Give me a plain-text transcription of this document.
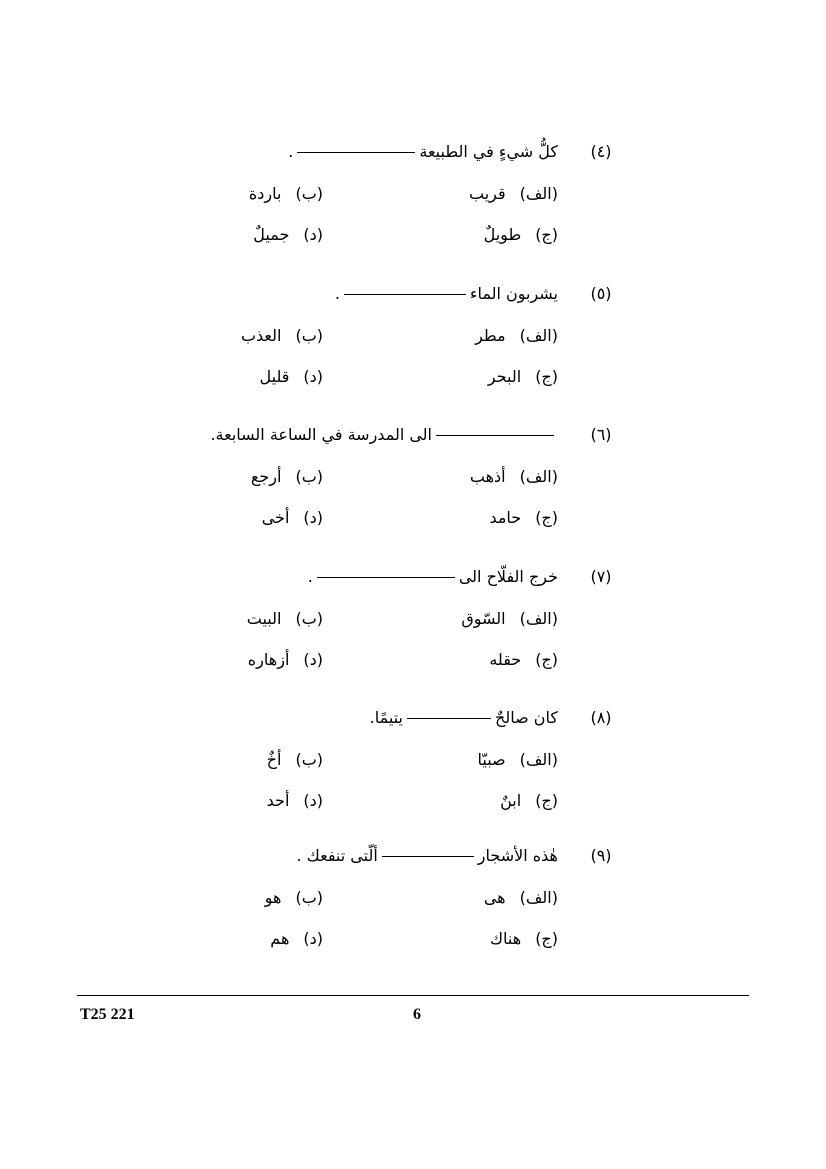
(٤)
كلُّ شيءٍ في الطبيعة.
(الف)قريب
(ب)باردة
(ج)طويلٌ
(د)جميلٌ
(٥)
يشربون الماء.
(الف)مطر
(ب)العذب
(ج)البحر
(د)قليل
(٦)
الى المدرسة في الساعة السابعة.
(الف)أذهب
(ب)أرجع
(ج)حامد
(د)أخى
(٧)
خرج الفلّاح الى.
(الف)السّوق
(ب)البيت
(ج)حقله
(د)أزهاره
(٨)
كان صالحٌيتيمًا.
(الف)صبيّا
(ب)أخٌ
(ج)ابنٌ
(د)أحد
(٩)
هٰذه الأشجارألّتى تنفعك .
(الف)هى
(ب)هو
(ج)هناك
(د)هم
T25 221	6
